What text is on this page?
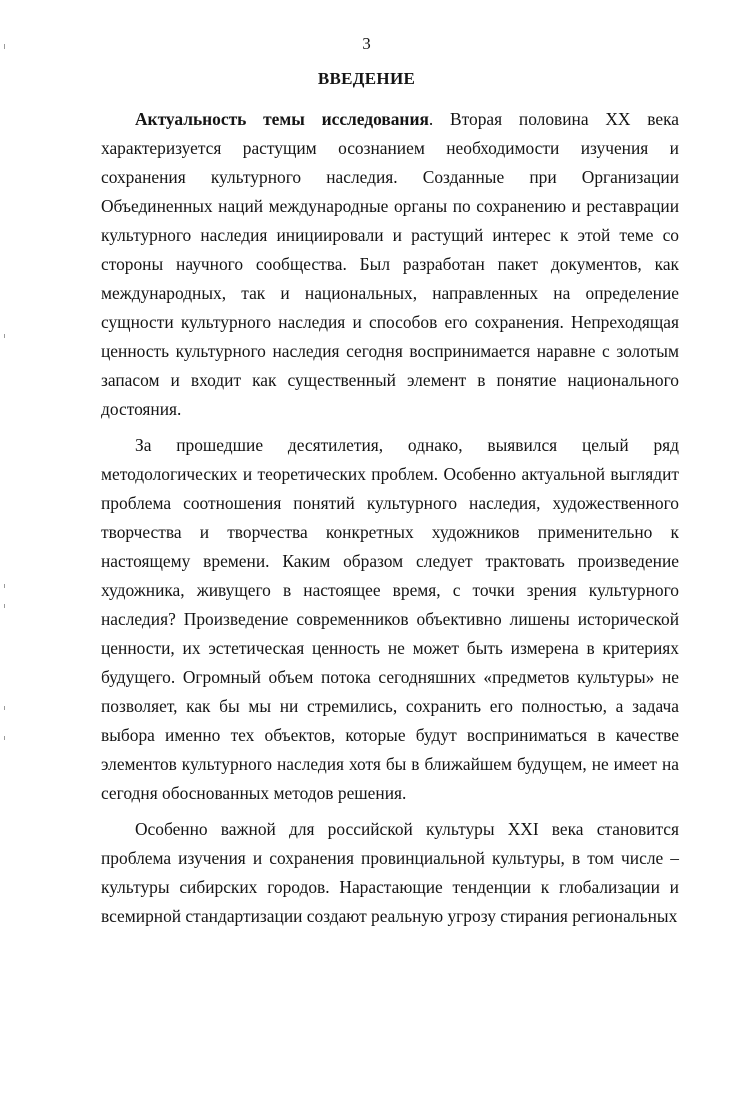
3
ВВЕДЕНИЕ

Актуальность темы исследования. Вторая половина XX века характеризуется растущим осознанием необходимости изучения и сохранения культурного наследия. Созданные при Организации Объединенных наций международные органы по сохранению и реставрации культурного наследия инициировали и растущий интерес к этой теме со стороны научного сообщества. Был разработан пакет документов, как международных, так и национальных, направленных на определение сущности культурного наследия и способов его сохранения. Непреходящая ценность культурного наследия сегодня воспринимается наравне с золотым запасом и входит как существенный элемент в понятие национального достояния.

За прошедшие десятилетия, однако, выявился целый ряд методологических и теоретических проблем. Особенно актуальной выглядит проблема соотношения понятий культурного наследия, художественного творчества и творчества конкретных художников применительно к настоящему времени. Каким образом следует трактовать произведение художника, живущего в настоящее время, с точки зрения культурного наследия? Произведение современников объективно лишены исторической ценности, их эстетическая ценность не может быть измерена в критериях будущего. Огромный объем потока сегодняшних «предметов культуры» не позволяет, как бы мы ни стремились, сохранить его полностью, а задача выбора именно тех объектов, которые будут восприниматься в качестве элементов культурного наследия хотя бы в ближайшем будущем, не имеет на сегодня обоснованных методов решения.

Особенно важной для российской культуры XXI века становится проблема изучения и сохранения провинциальной культуры, в том числе – культуры сибирских городов. Нарастающие тенденции к глобализации и всемирной стандартизации создают реальную угрозу стирания региональных
